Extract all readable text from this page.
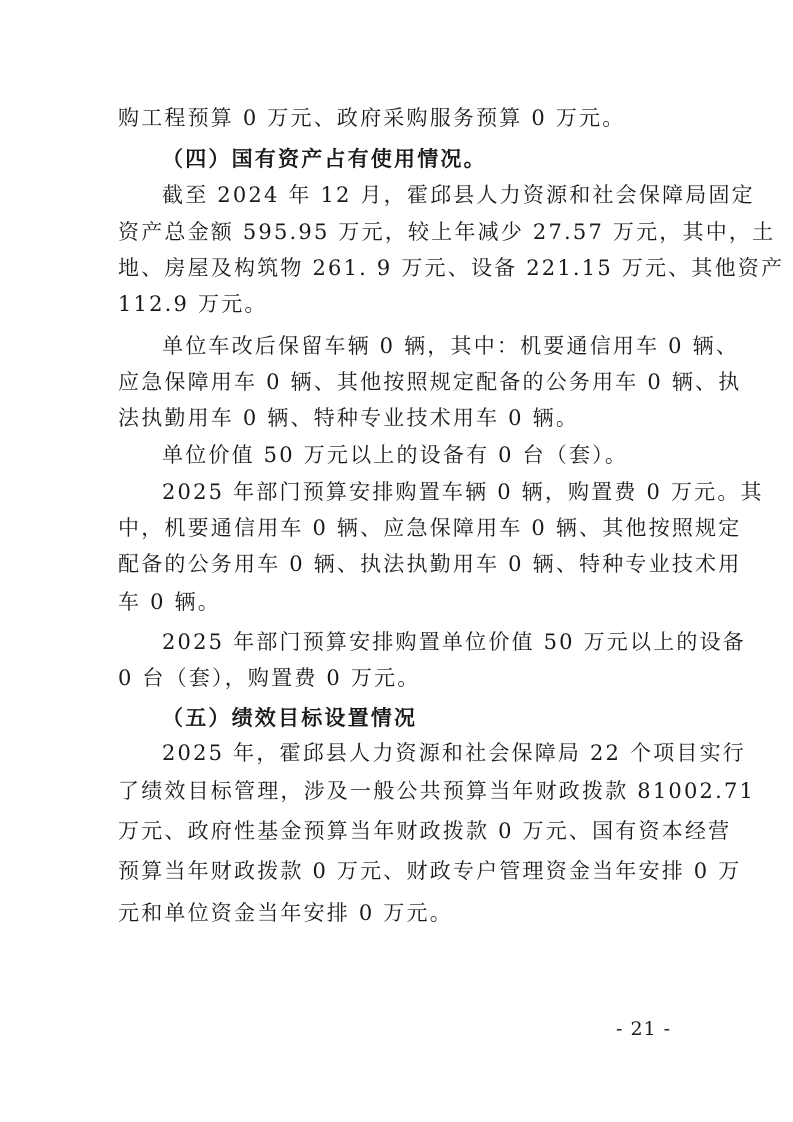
购工程预算 0 万元、政府采购服务预算 0 万元。
（四）国有资产占有使用情况。
截至 2024 年 12 月，霍邱县人力资源和社会保障局固定
资产总金额 595.95 万元，较上年减少 27.57 万元，其中，土
地、房屋及构筑物 261. 9 万元、设备 221.15 万元、其他资产
112.9 万元。
单位车改后保留车辆 0 辆，其中：机要通信用车 0 辆、
应急保障用车 0 辆、其他按照规定配备的公务用车 0 辆、执
法执勤用车 0 辆、特种专业技术用车 0 辆。
单位价值 50 万元以上的设备有 0 台（套）。
2025 年部门预算安排购置车辆 0 辆，购置费 0 万元。其
中，机要通信用车 0 辆、应急保障用车 0 辆、其他按照规定
配备的公务用车 0 辆、执法执勤用车 0 辆、特种专业技术用
车 0 辆。
2025 年部门预算安排购置单位价值 50 万元以上的设备
0 台（套），购置费 0 万元。
（五）绩效目标设置情况
2025 年，霍邱县人力资源和社会保障局 22 个项目实行
了绩效目标管理，涉及一般公共预算当年财政拨款 81002.71
万元、政府性基金预算当年财政拨款 0 万元、国有资本经营
预算当年财政拨款 0 万元、财政专户管理资金当年安排 0 万
元和单位资金当年安排 0 万元。
- 21 -
